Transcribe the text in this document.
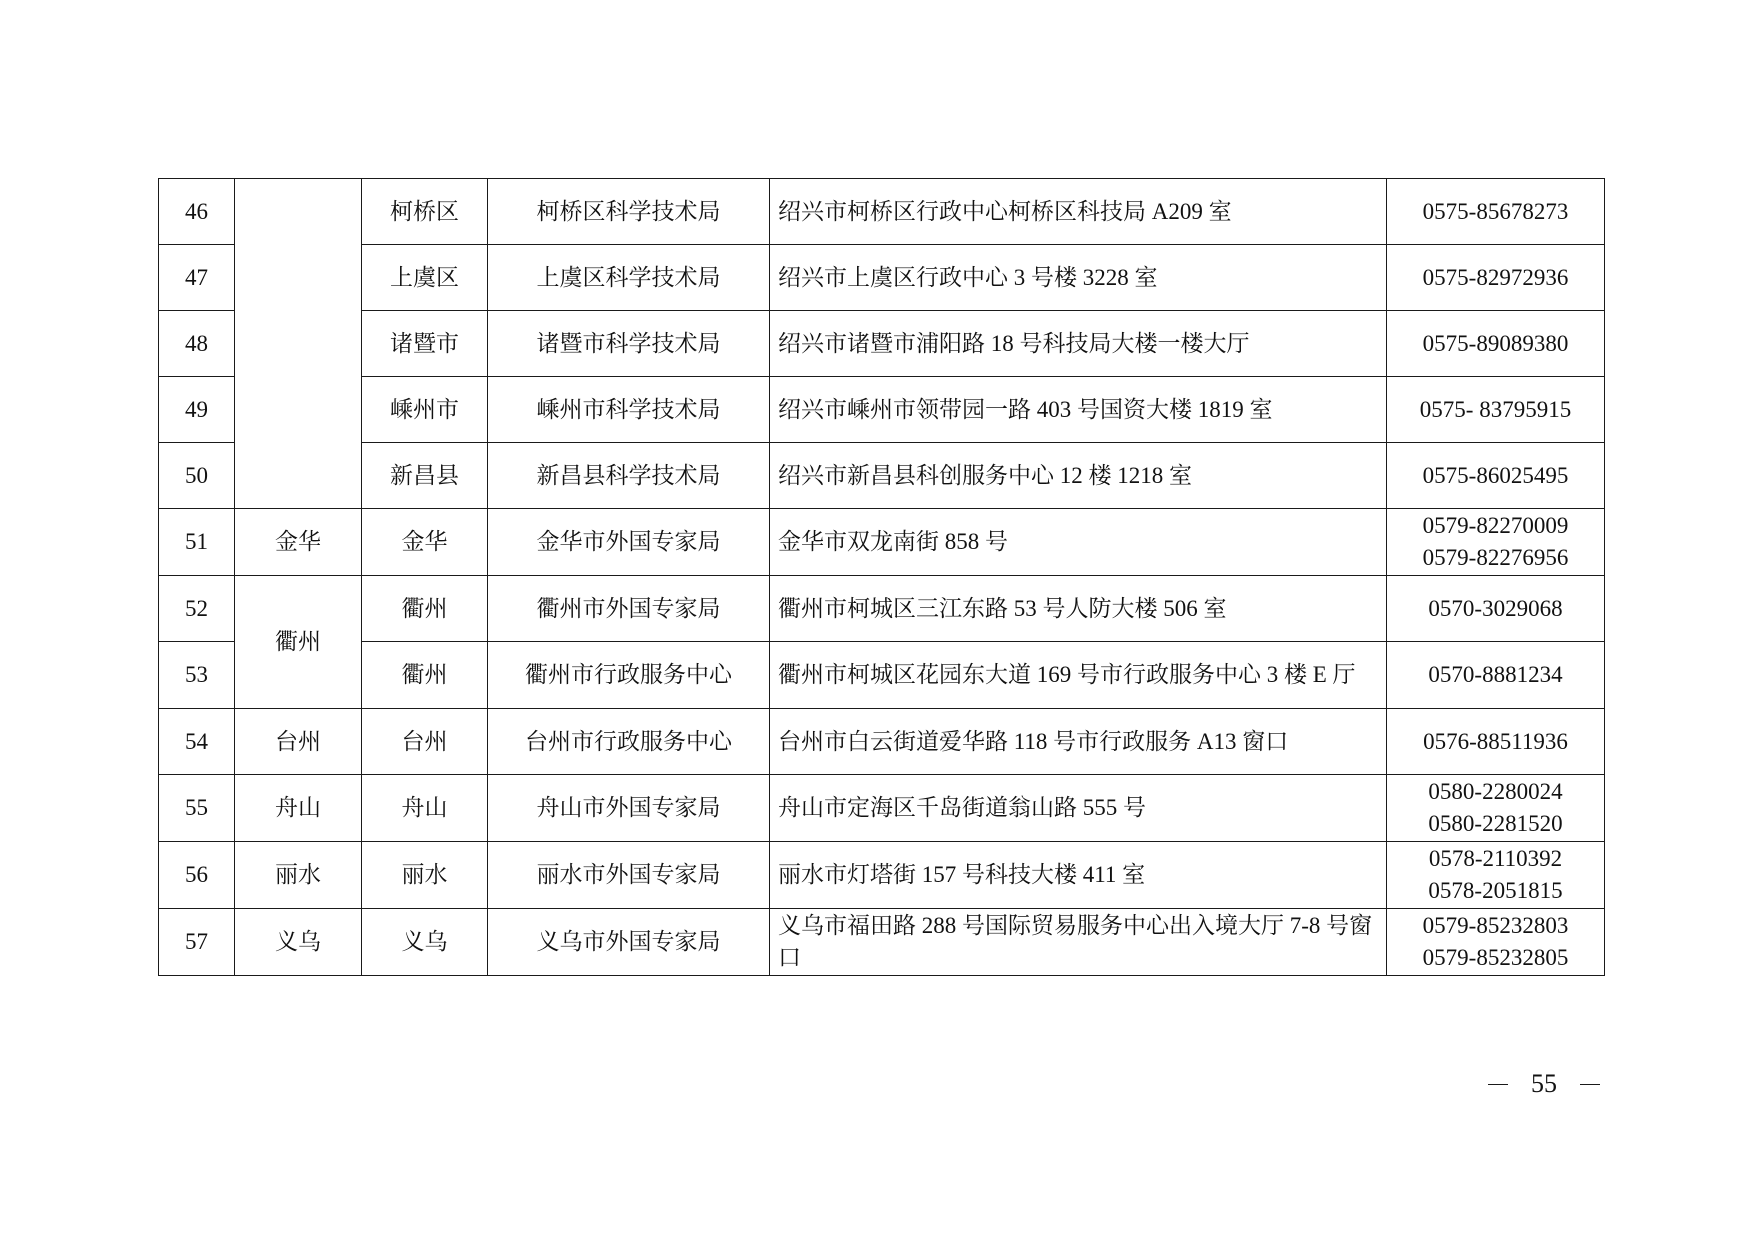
46		柯桥区	柯桥区科学技术局	绍兴市柯桥区行政中心柯桥区科技局 A209 室	0575-85678273

47		上虞区	上虞区科学技术局	绍兴市上虞区行政中心 3 号楼 3228 室	0575-82972936

48		诸暨市	诸暨市科学技术局	绍兴市诸暨市浦阳路 18 号科技局大楼一楼大厅	0575-89089380

49		嵊州市	嵊州市科学技术局	绍兴市嵊州市领带园一路 403 号国资大楼 1819 室	0575- 83795915

50		新昌县	新昌县科学技术局	绍兴市新昌县科创服务中心 12 楼 1218 室	0575-86025495

51	金华	金华	金华市外国专家局	金华市双龙南街 858 号	0579-82270009
0579-82276956

52	衢州	衢州	衢州市外国专家局	衢州市柯城区三江东路 53 号人防大楼 506 室	0570-3029068

53		衢州	衢州市行政服务中心	衢州市柯城区花园东大道 169 号市行政服务中心 3 楼 E 厅	0570-8881234

54	台州	台州	台州市行政服务中心	台州市白云街道爱华路 118 号市行政服务 A13 窗口	0576-88511936

55	舟山	舟山	舟山市外国专家局	舟山市定海区千岛街道翁山路 555 号	0580-2280024
0580-2281520

56	丽水	丽水	丽水市外国专家局	丽水市灯塔街 157 号科技大楼 411 室	0578-2110392
0578-2051815

57	义乌	义乌	义乌市外国专家局	义乌市福田路 288 号国际贸易服务中心出入境大厅 7-8 号窗口	0579-85232803
0579-85232805
55
